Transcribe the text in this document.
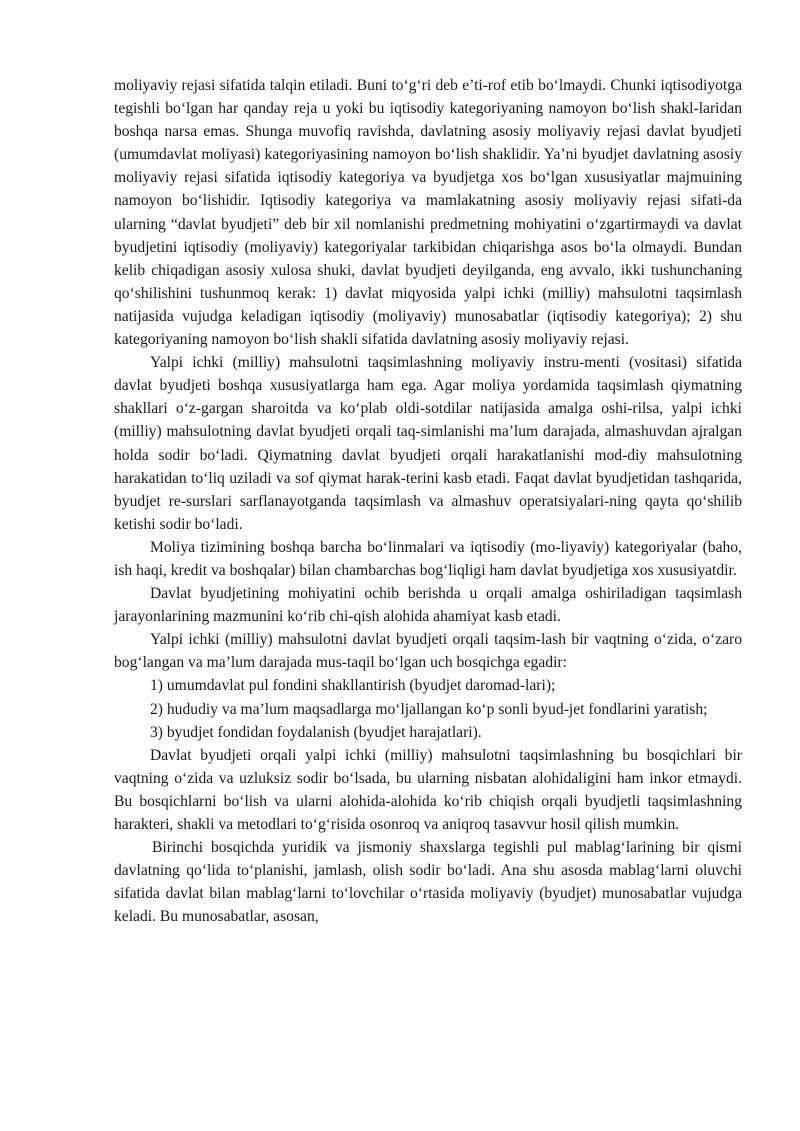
moliyaviy rejasi sifatida talqin etiladi. Buni to‘g‘ri deb e’ti-rof etib bo‘lmaydi. Chunki iqtisodiyotga tegishli bo‘lgan har qanday reja u yoki bu iqtisodiy kategoriyaning namoyon bo‘lish shakl-laridan boshqa narsa emas. Shunga muvofiq ravishda, davlatning asosiy moliyaviy rejasi davlat byudjeti (umumdavlat moliyasi) kategoriyasining namoyon bo‘lish shaklidir. Ya’ni byudjet davlatning asosiy moliyaviy rejasi sifatida iqtisodiy kategoriya va byudjetga xos bo‘lgan xususiyatlar majmuining namoyon bo‘lishidir. Iqtisodiy kategoriya va mamlakatning asosiy moliyaviy rejasi sifati-da ularning “davlat byudjeti” deb bir xil nomlanishi predmetning mohiyatini o‘zgartirmaydi va davlat byudjetini iqtisodiy (moliyaviy) kategoriyalar tarkibidan chiqarishga asos bo‘la olmaydi. Bundan kelib chiqadigan asosiy xulosa shuki, davlat byudjeti deyilganda, eng avvalo, ikki tushunchaning qo‘shilishini tushunmoq kerak: 1) davlat miqyosida yalpi ichki (milliy) mahsulotni taqsimlash natijasida vujudga keladigan iqtisodiy (moliyaviy) munosabatlar (iqtisodiy kategoriya); 2) shu kategoriyaning namoyon bo‘lish shakli sifatida davlatning asosiy moliyaviy rejasi.

Yalpi ichki (milliy) mahsulotni taqsimlashning moliyaviy instru-menti (vositasi) sifatida davlat byudjeti boshqa xususiyatlarga ham ega. Agar moliya yordamida taqsimlash qiymatning shakllari o‘z-gargan sharoitda va ko‘plab oldi-sotdilar natijasida amalga oshi-rilsa, yalpi ichki (milliy) mahsulotning davlat byudjeti orqali taq-simlanishi ma’lum darajada, almashuvdan ajralgan holda sodir bo‘ladi. Qiymatning davlat byudjeti orqali harakatlanishi mod-diy mahsulotning harakatidan to‘liq uziladi va sof qiymat harak-terini kasb etadi. Faqat davlat byudjetidan tashqarida, byudjet re-surslari sarflanayotganda taqsimlash va almashuv operatsiyalari-ning qayta qo‘shilib ketishi sodir bo‘ladi.

Moliya tizimining boshqa barcha bo‘linmalari va iqtisodiy (mo-liyaviy) kategoriyalar (baho, ish haqi, kredit va boshqalar) bilan chambarchas bog‘liqligi ham davlat byudjetiga xos xususiyatdir.

Davlat byudjetining mohiyatini ochib berishda u orqali amalga oshiriladigan taqsimlash jarayonlarining mazmunini ko‘rib chi-qish alohida ahamiyat kasb etadi.

Yalpi ichki (milliy) mahsulotni davlat byudjeti orqali taqsim-lash bir vaqtning o‘zida, o‘zaro bog‘langan va ma’lum darajada mus-taqil bo‘lgan uch bosqichga egadir:

1) umumdavlat pul fondini shakllantirish (byudjet daromad-lari);

2) hududiy va ma’lum maqsadlarga mo‘ljallangan ko‘p sonli byud-jet fondlarini yaratish;

3) byudjet fondidan foydalanish (byudjet harajatlari).

Davlat byudjeti orqali yalpi ichki (milliy) mahsulotni taqsimlashning bu bosqichlari bir vaqtning o‘zida va uzluksiz sodir bo‘lsada, bu ularning nisbatan alohidaligini ham inkor etmaydi. Bu bosqichlarni bo‘lish va ularni alohida-alohida ko‘rib chiqish orqali byudjetli taqsimlashning harakteri, shakli va metodlari to‘g‘risida osonroq va aniqroq tasavvur hosil qilish mumkin.

Birinchi bosqichda yuridik va jismoniy shaxslarga tegishli pul mablag‘larining bir qismi davlatning qo‘lida to‘planishi, jamlash, olish sodir bo‘ladi. Ana shu asosda mablag‘larni oluvchi sifatida davlat bilan mablag‘larni to‘lovchilar o‘rtasida moliyaviy (byudjet) munosabatlar vujudga keladi. Bu munosabatlar, asosan,
